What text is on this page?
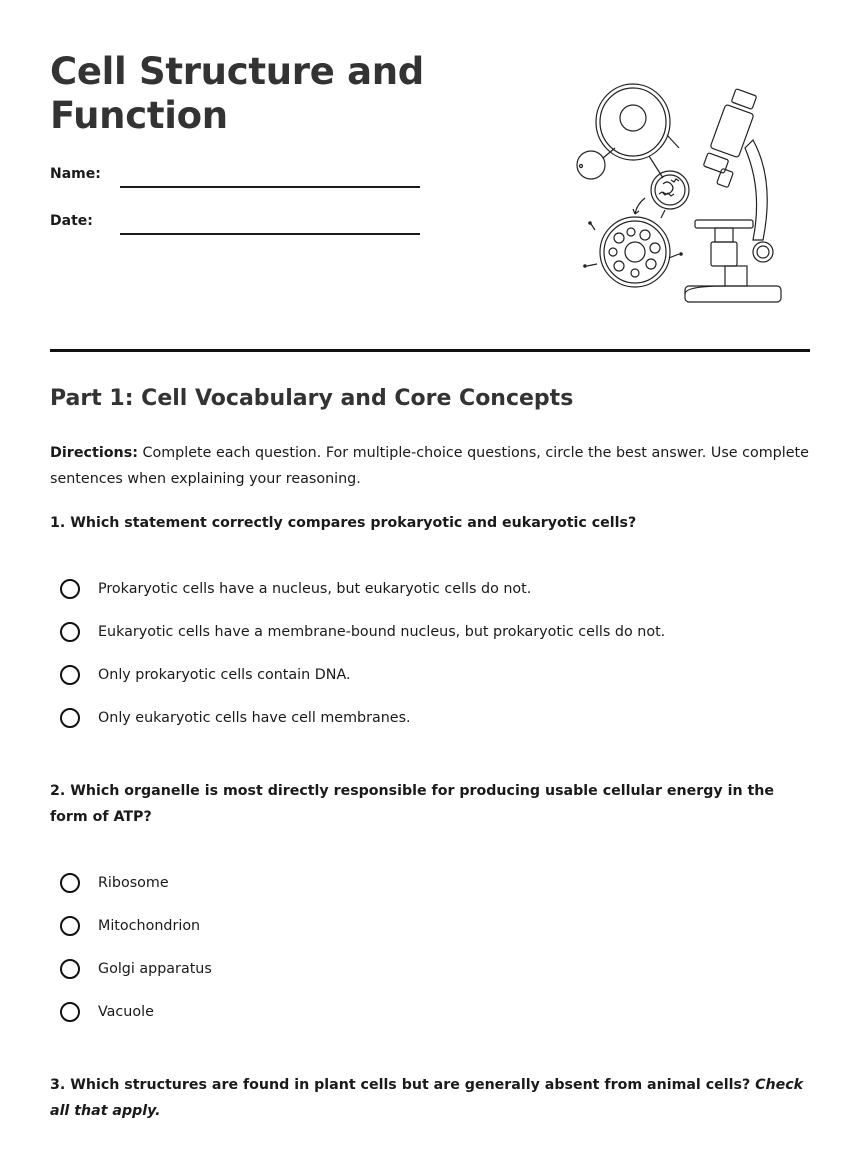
Cell Structure and
Function
Name:
Date:
Part 1: Cell Vocabulary and Core Concepts

Directions: Complete each question. For multiple-choice questions, circle the best answer. Use complete sentences when explaining your reasoning.

1. Which statement correctly compares prokaryotic and eukaryotic cells?

Prokaryotic cells have a nucleus, but eukaryotic cells do not.
Eukaryotic cells have a membrane-bound nucleus, but prokaryotic cells do not.
Only prokaryotic cells contain DNA.
Only eukaryotic cells have cell membranes.

2. Which organelle is most directly responsible for producing usable cellular energy in the form of ATP?

Ribosome
Mitochondrion
Golgi apparatus
Vacuole

3. Which structures are found in plant cells but are generally absent from animal cells? Check all that apply.
